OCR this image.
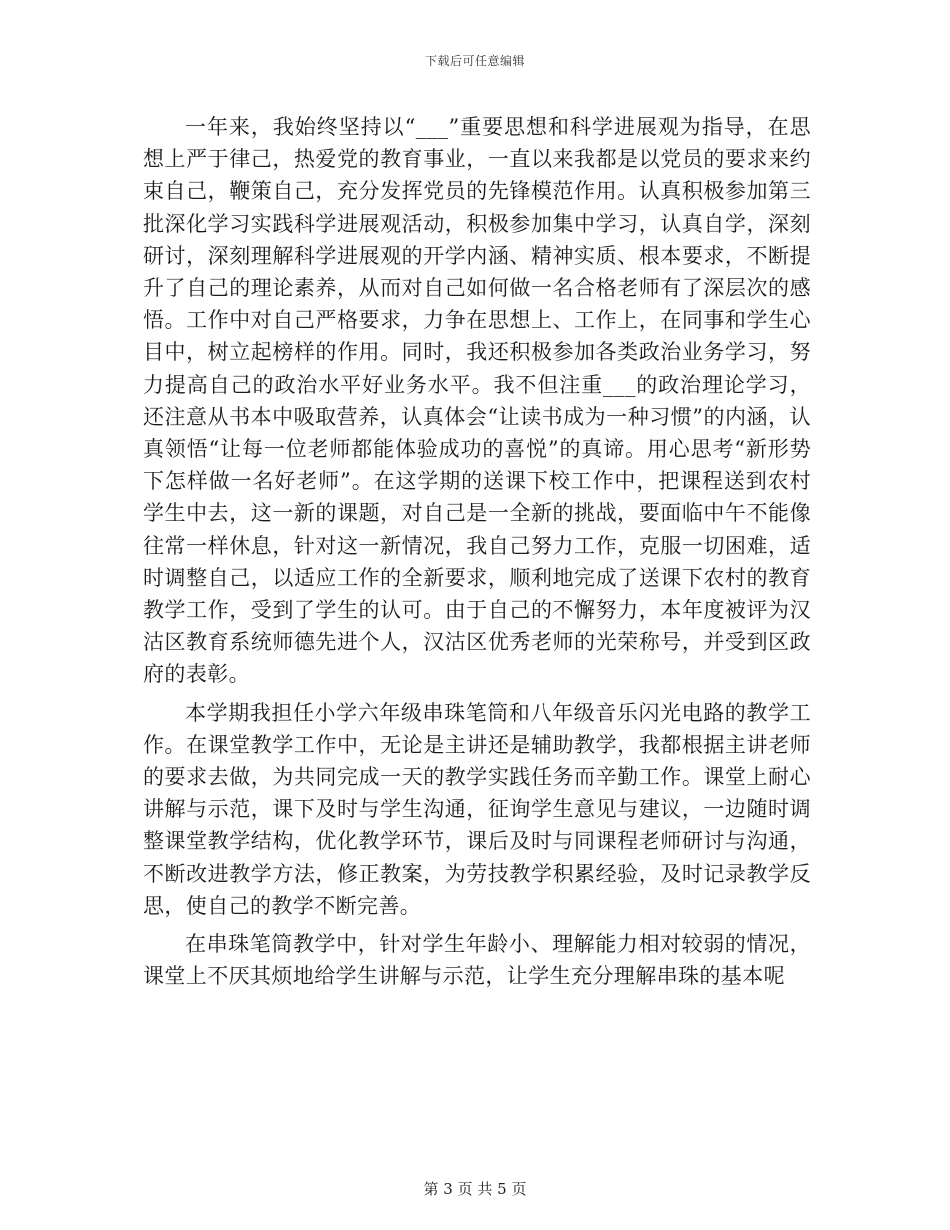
下载后可任意编辑

一年来，我始终坚持以“___”重要思想和科学进展观为指导，在思想上严于律己，热爱党的教育事业，一直以来我都是以党员的要求来约束自己，鞭策自己，充分发挥党员的先锋模范作用。认真积极参加第三批深化学习实践科学进展观活动，积极参加集中学习，认真自学，深刻研讨，深刻理解科学进展观的开学内涵、精神实质、根本要求，不断提升了自己的理论素养，从而对自己如何做一名合格老师有了深层次的感悟。工作中对自己严格要求，力争在思想上、工作上，在同事和学生心目中，树立起榜样的作用。同时，我还积极参加各类政治业务学习，努力提高自己的政治水平好业务水平。我不但注重___的政治理论学习，还注意从书本中吸取营养，认真体会“让读书成为一种习惯”的内涵，认真领悟“让每一位老师都能体验成功的喜悦”的真谛。用心思考“新形势下怎样做一名好老师”。在这学期的送课下校工作中，把课程送到农村学生中去，这一新的课题，对自己是一全新的挑战，要面临中午不能像往常一样休息，针对这一新情况，我自己努力工作，克服一切困难，适时调整自己，以适应工作的全新要求，顺利地完成了送课下农村的教育教学工作，受到了学生的认可。由于自己的不懈努力，本年度被评为汉沽区教育系统师德先进个人，汉沽区优秀老师的光荣称号，并受到区政府的表彰。

本学期我担任小学六年级串珠笔筒和八年级音乐闪光电路的教学工作。在课堂教学工作中，无论是主讲还是辅助教学，我都根据主讲老师的要求去做，为共同完成一天的教学实践任务而辛勤工作。课堂上耐心讲解与示范，课下及时与学生沟通，征询学生意见与建议，一边随时调整课堂教学结构，优化教学环节，课后及时与同课程老师研讨与沟通，不断改进教学方法，修正教案，为劳技教学积累经验，及时记录教学反思，使自己的教学不断完善。

在串珠笔筒教学中，针对学生年龄小、理解能力相对较弱的情况，课堂上不厌其烦地给学生讲解与示范，让学生充分理解串珠的基本呢

第 3 页 共 5 页
